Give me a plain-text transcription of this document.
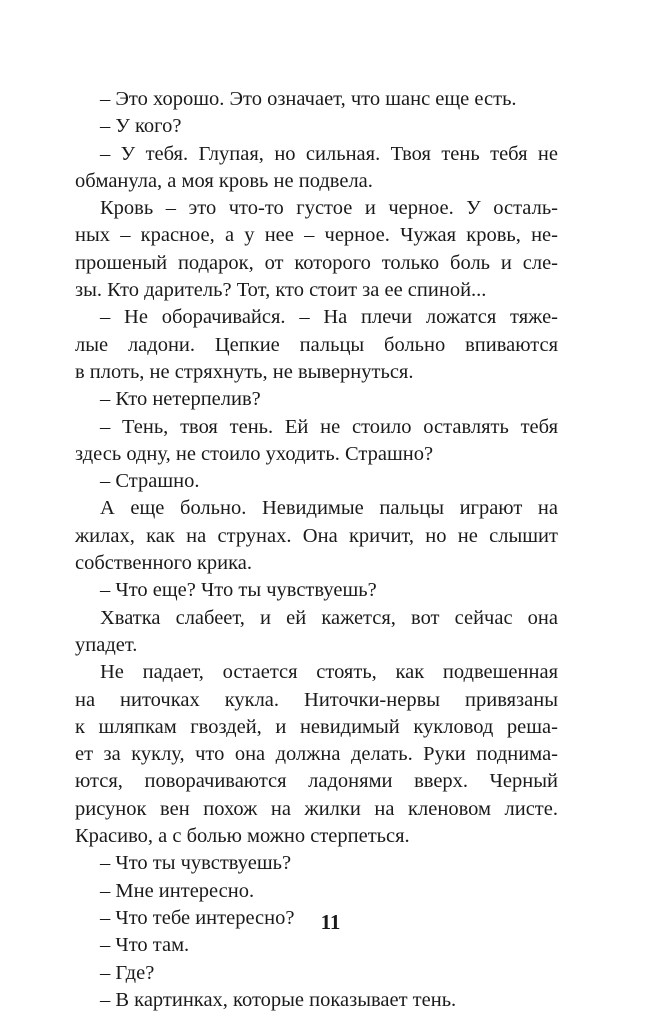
– Это хорошо. Это означает, что шанс еще есть.
– У кого?
– У тебя. Глупая, но сильная. Твоя тень тебя не
обманула, а моя кровь не подвела.
Кровь – это что-то густое и черное. У осталь-
ных – красное, а у нее – черное. Чужая кровь, не-
прошеный подарок, от которого только боль и слe-
зы. Кто даритель? Тот, кто стоит за ее спиной...
– Не оборачивайся. – На плечи ложатся тяже-
лые ладони. Цепкие пальцы больно впиваются
в плоть, не стряхнуть, не вывернуться.
– Кто нетерпелив?
– Тень, твоя тень. Ей не стоило оставлять тебя
здесь одну, не стоило уходить. Страшно?
– Страшно.
А еще больно. Невидимые пальцы играют на
жилах, как на струнах. Она кричит, но не слышит
собственного крика.
– Что еще? Что ты чувствуешь?
Хватка слабеет, и ей кажется, вот сейчас она
упадет.
Не падает, остается стоять, как подвешенная
на ниточках кукла. Ниточки-нервы привязаны
к шляпкам гвоздей, и невидимый кукловод реша-
ет за куклу, что она должна делать. Руки поднима-
ются, поворачиваются ладонями вверх. Черный
рисунок вен похож на жилки на кленовом листе.
Красиво, а с болью можно стерпеться.
– Что ты чувствуешь?
– Мне интересно.
– Что тебе интересно?
– Что там.
– Где?
– В картинках, которые показывает тень.
11
